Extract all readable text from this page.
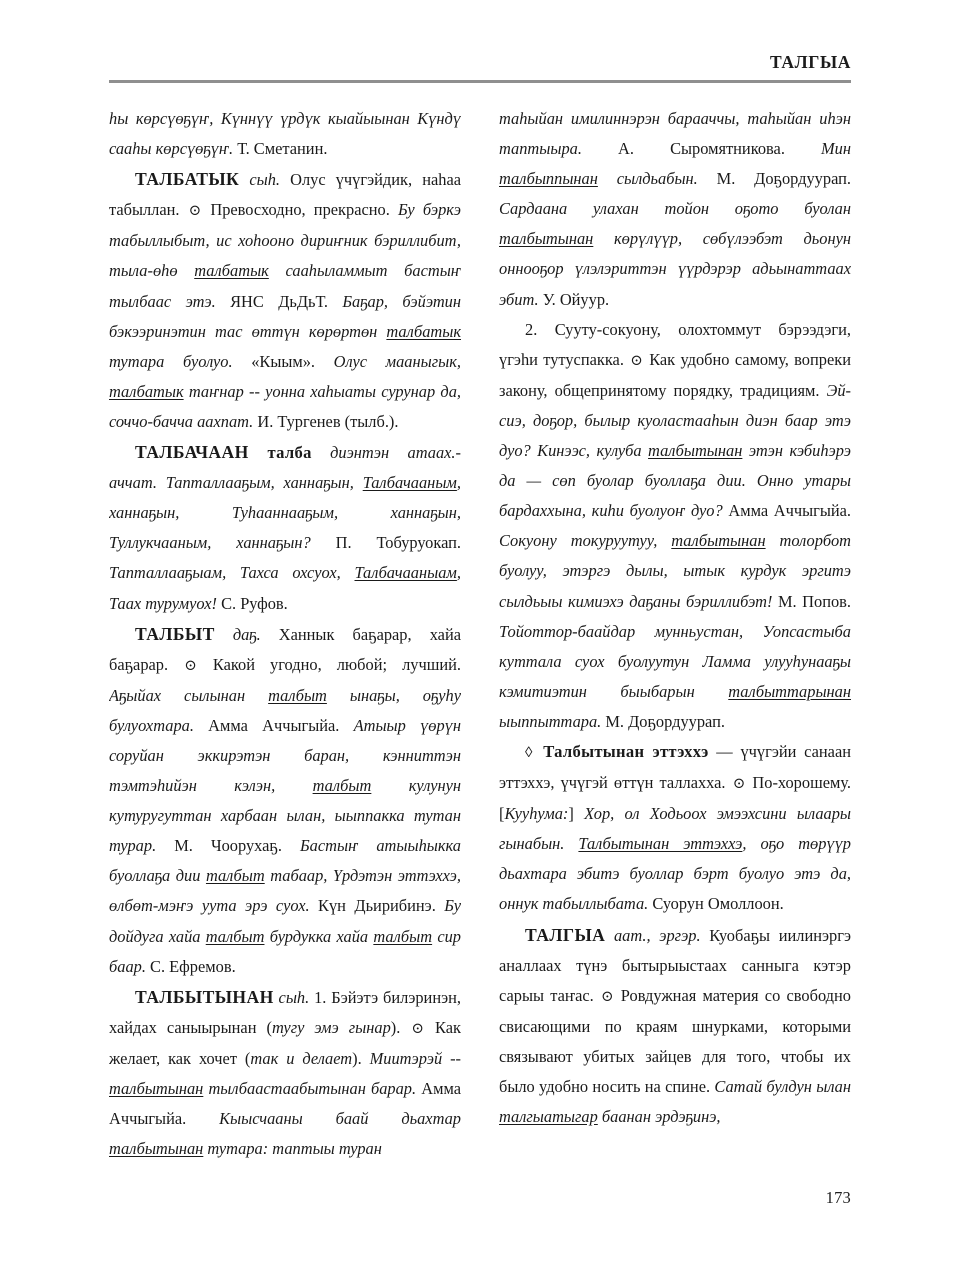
ТАЛГЫА

һы көрсүөҕүҥ, Күннүү үрдүк кыайыынан Күндү сааһы көрсүөҕүҥ. Т. Сметанин.

ТАЛБАТЫК сыһ. Олус үчүгэйдик, наһаа табыллан. ⊙ Превосходно, прекрасно. Бу бэркэ табыллыбыт, ис хоһооно дириҥник бэриллибит, тыла-өһө талбатык сааһыламмыт бастыҥ тылбаас этэ. ЯНС ДьДьТ. Баҕар, бэйэтин бэкээринэтин тас өттүн көрөртөн талбатык тутара буолуо. «Кыым». Олус мааныгык, талбатык таҥнар -- уонна хаһыаты сурунар да, соччо-бачча аахпат. И. Тургенев (тылб.).

ТАЛБАЧААН талба диэнтэн атаах.-аччат. Тапталлааҕым, ханнаҕын, Талбачааным, ханнаҕын, Туһааннааҕым, ханнаҕын, Туллукчааным, ханнаҕын? П. Тобуруокап. Тапталлааҕыам, Тахса охсуох, Талбачааныам, Таах турумуох! С. Руфов.

ТАЛБЫТ даҕ. Ханнык баҕарар, хайа баҕарар. ⊙ Какой угодно, любой; лучший. Аҕыйах сылынан талбыт ынаҕы, оҕуһу булуохтара. Амма Аччыгыйа. Атыыр үөрүн соруйан эккирэтэн баран, кэнниттэн тэмтэһийэн кэлэн, талбыт кулунун кутуругуттан харбаан ылан, ыыппакка тутан турар. М. Чоорухаҕ. Бастыҥ атыыһыкка буоллаҕа дии талбыт табаар, Үрдэтэн эттэххэ, өлбөт-мэҥэ уута эрэ суох. Күн Дьирибинэ. Бу дойдуга хайа талбыт бурдукка хайа талбыт сир баар. С. Ефремов.

ТАЛБЫТЫНАН сыһ. 1. Бэйэтэ билэринэн, хайдах саныырынан (тугу эмэ гынар). ⊙ Как желает, как хочет (так и делает). Миитэрэй -- талбытынан тылбаастаабытынан барар. Амма Аччыгыйа. Кыысчааны баай дьахтар талбытынан тутара: таптыы туран

таһыйан имилиннэрэн барааччы, таһыйан иһэн таптыыра. А. Сыромятникова. Мин талбыппынан сылдьабын. М. Доҕордуурап. Сардаана улахан тойон оҕото буолан талбытынан көрүлүүр, сөбүлээбэт дьонун оннооҕор үлэлэриттэн үүрдэрэр адьынаттаах эбит. У. Ойуур.

2. Сууту-сокуону, олохтоммут бэрээдэги, үгэһи тутуспакка. ⊙ Как удобно самому, вопреки закону, общепринятому порядку, традициям. Эй-сиэ, доҕор, былыр куоластааһын диэн баар этэ дуо? Кинээс, кулуба талбытынан этэн кэбиһэрэ да — сөп буолар буоллаҕа дии. Онно утары бардаххына, киһи буолуоҥ дуо? Амма Аччыгыйа. Сокуону токуруутуу, талбытынан толорбот буолуу, этэргэ дылы, ытык курдук эргитэ сылдьыы кимиэхэ даҕаны бэриллибэт! М. Попов. Тойоттор-баайдар мунньустан, Уопсастыба куттала суох буолуутун Ламма улууһунааҕы кэмитиэтин быыбарын талбыттарынан ыыппыттара. М. Доҕордуурап.

◊ Талбытынан эттэххэ — үчүгэйи санаан эттэххэ, үчүгэй өттүн таллахха. ⊙ По-хорошему. [Кууһума:] Хор, ол Ходьоох эмээхсини ылаары гынабын. Талбытынан эттэххэ, оҕо төрүүр дьахтара эбитэ буоллар бэрт буолуо этэ да, оннук табыллыбата. Суорун Омоллоон.

ТАЛГЫА аат., эргэр. Куобаҕы иилинэргэ аналлаах түнэ бытырыыстаах санныга кэтэр сарыы таҥас. ⊙ Ровдужная материя со свободно свисающими по краям шнурками, которыми связывают убитых зайцев для того, чтобы их было удобно носить на спине. Сатай булдун ылан талгыатыгар баанан эрдэҕинэ,

173
